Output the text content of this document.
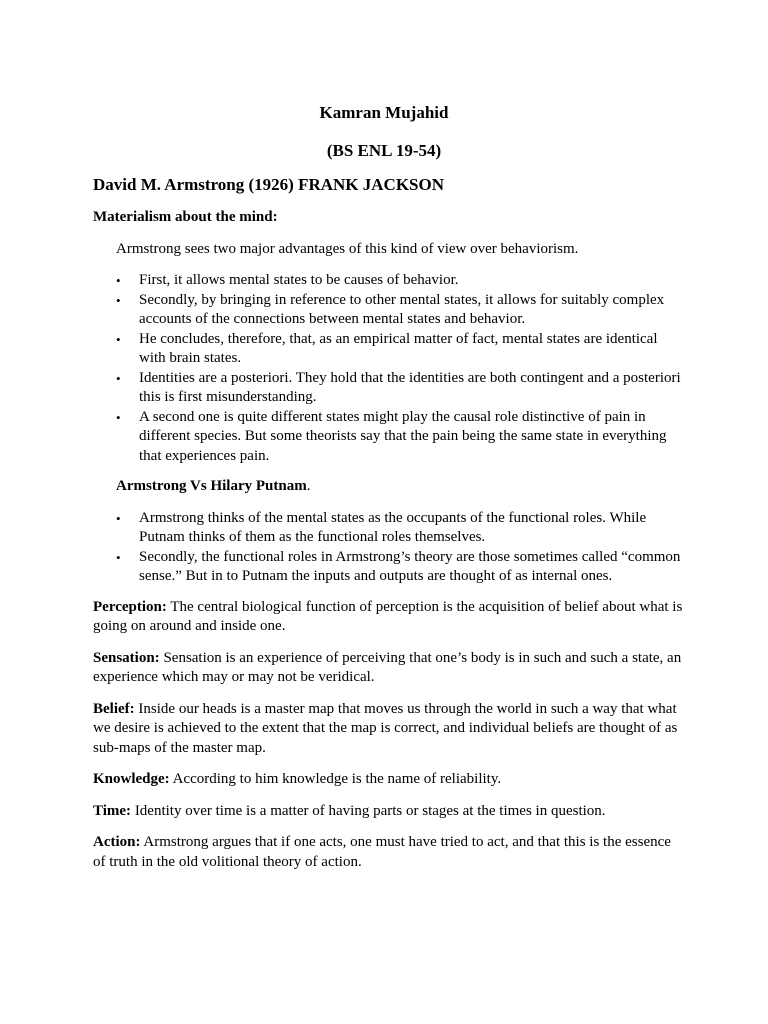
Kamran Mujahid
(BS ENL 19-54)
David M. Armstrong (1926) FRANK JACKSON
Materialism about the mind:
Armstrong sees two major advantages of this kind of view over behaviorism.
• First, it allows mental states to be causes of behavior.
• Secondly, by bringing in reference to other mental states, it allows for suitably complex accounts of the connections between mental states and behavior.
• He concludes, therefore, that, as an empirical matter of fact, mental states are identical with brain states.
• Identities are a posteriori. They hold that the identities are both contingent and a posteriori this is first misunderstanding.
• A second one is quite different states might play the causal role distinctive of pain in different species. But some theorists say that the pain being the same state in everything that experiences pain.
Armstrong Vs Hilary Putnam.
• Armstrong thinks of the mental states as the occupants of the functional roles. While Putnam thinks of them as the functional roles themselves.
• Secondly, the functional roles in Armstrong’s theory are those sometimes called “common sense.” But in to Putnam the inputs and outputs are thought of as internal ones.

Perception: The central biological function of perception is the acquisition of belief about what is going on around and inside one.

Sensation: Sensation is an experience of perceiving that one’s body is in such and such a state, an experience which may or may not be veridical.

Belief: Inside our heads is a master map that moves us through the world in such a way that what we desire is achieved to the extent that the map is correct, and individual beliefs are thought of as sub-maps of the master map.

Knowledge: According to him knowledge is the name of reliability.

Time: Identity over time is a matter of having parts or stages at the times in question.

Action: Armstrong argues that if one acts, one must have tried to act, and that this is the essence of truth in the old volitional theory of action.
